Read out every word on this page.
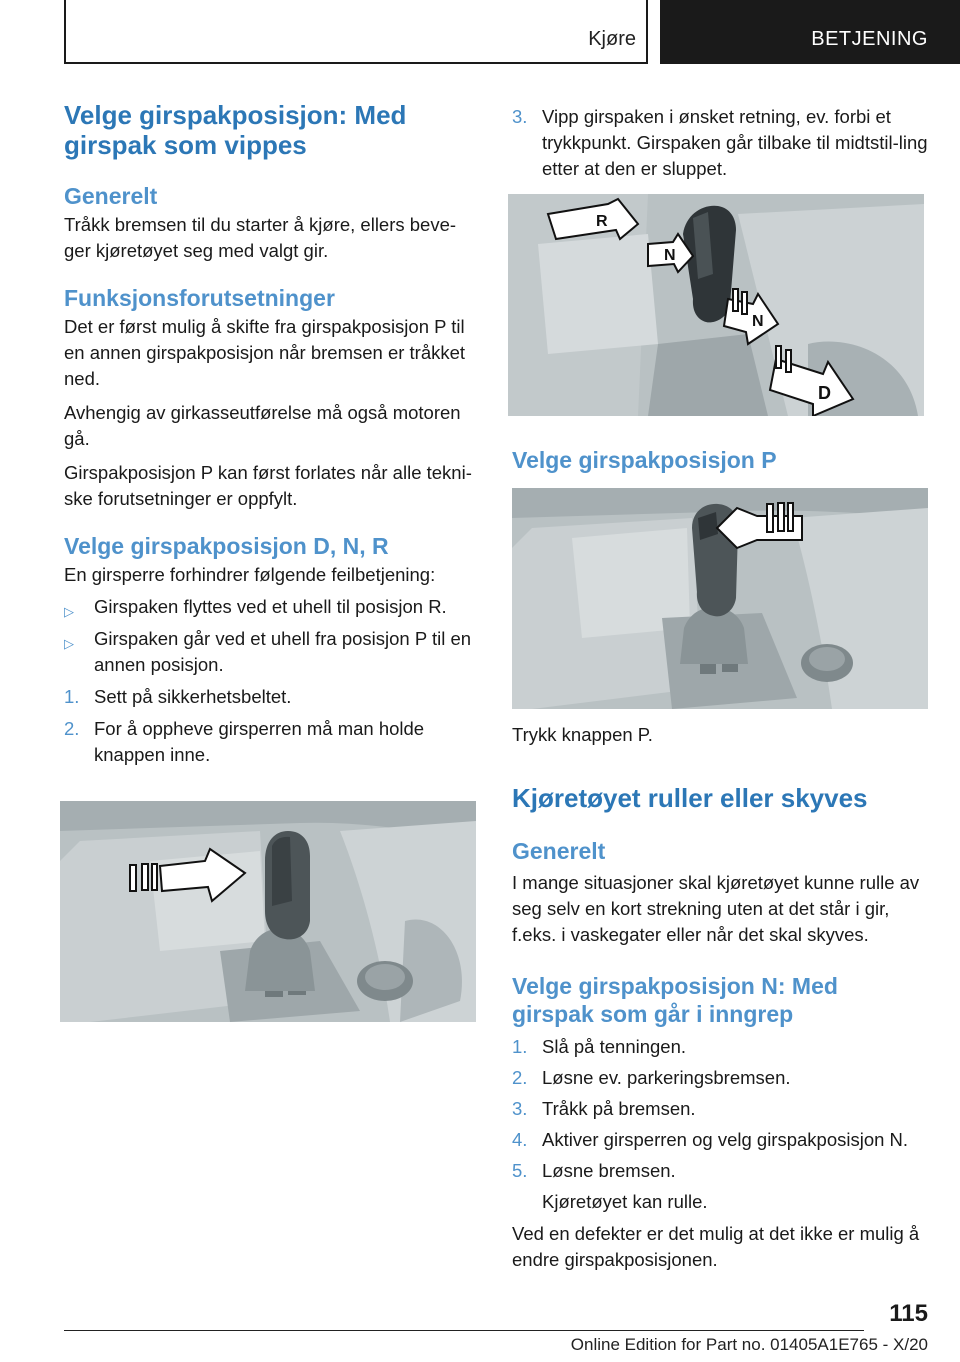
Kjøre	BETJENING
Velge girspakposisjon: Med girspak som vippes
Generelt

Tråkk bremsen til du starter å kjøre, ellers beve-ger kjøretøyet seg med valgt gir.

Funksjonsforutsetninger

Det er først mulig å skifte fra girspakposisjon P til en annen girspakposisjon når bremsen er tråkket ned.

Avhengig av girkasseutførelse må også motoren gå.

Girspakposisjon P kan først forlates når alle tekni-ske forutsetninger er oppfylt.

Velge girspakposisjon D, N, R

En girsperre forhindrer følgende feilbetjening:

▷ Girspaken flyttes ved et uhell til posisjon R.
▷ Girspaken går ved et uhell fra posisjon P til en annen posisjon.
1. Sett på sikkerhetsbeltet.
2. For å oppheve girsperren må man holde knappen inne.
3. Vipp girspaken i ønsket retning, ev. forbi et trykkpunkt. Girspaken går tilbake til midtstil-ling etter at den er sluppet.
R
N
N
D
Velge girspakposisjon P

Trykk knappen P.

Kjøretøyet ruller eller skyves
Generelt

I mange situasjoner skal kjøretøyet kunne rulle av seg selv en kort strekning uten at det står i gir, f.eks. i vaskegater eller når det skal skyves.

Velge girspakposisjon N: Med girspak som går i inngrep
1. Slå på tenningen.
2. Løsne ev. parkeringsbremsen.
3. Tråkk på bremsen.
4. Aktiver girsperren og velg girspakposisjon N.
5. Løsne bremsen.
Kjøretøyet kan rulle.

Ved en defekter er det mulig at det ikke er mulig å endre girspakposisjonen.

115
Online Edition for Part no. 01405A1E765 - X/20
